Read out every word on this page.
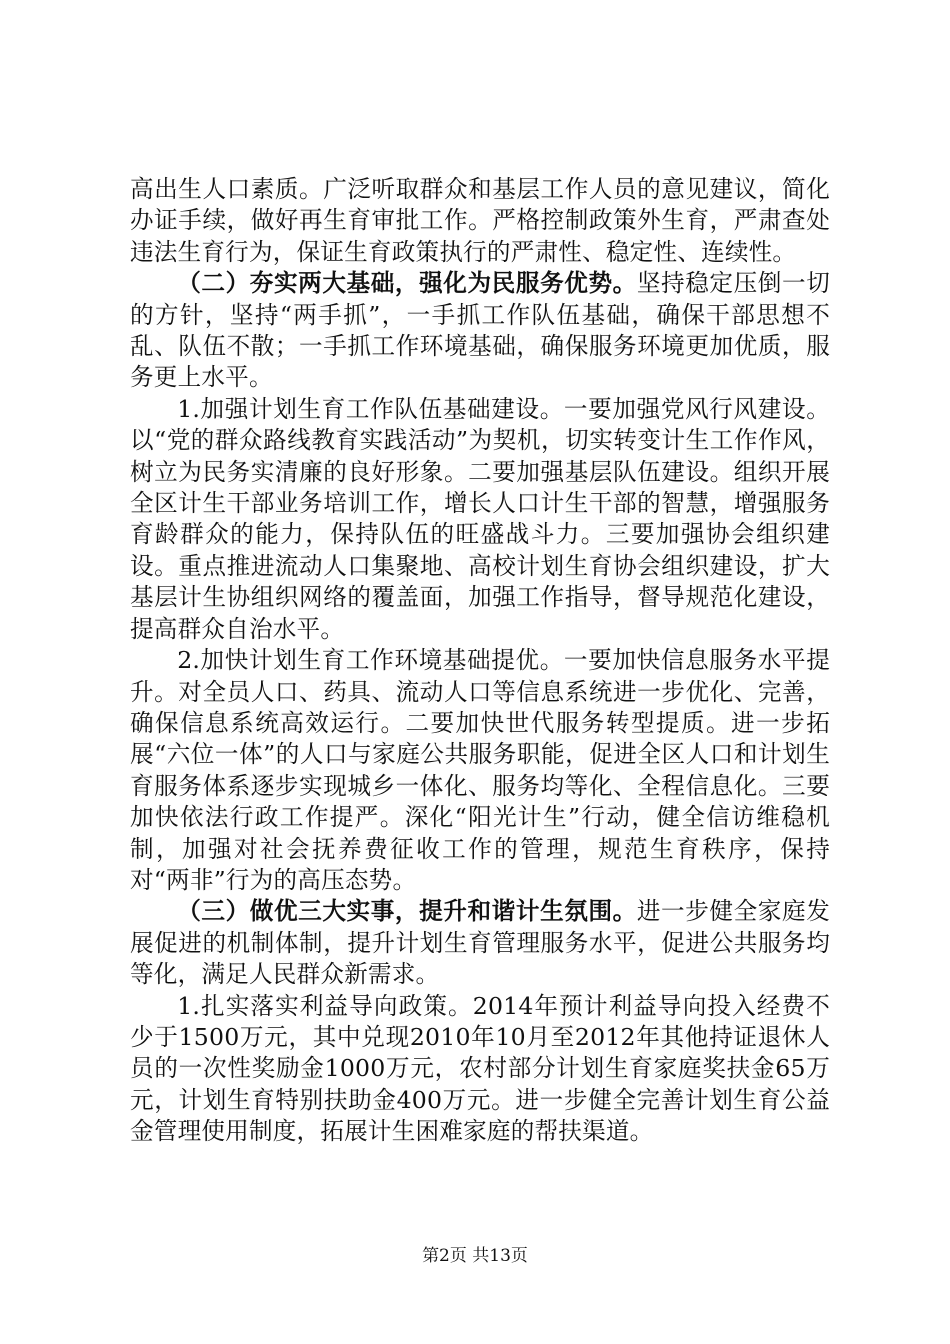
高出生人口素质。广泛听取群众和基层工作人员的意见建议，简化办证手续，做好再生育审批工作。严格控制政策外生育，严肃查处违法生育行为，保证生育政策执行的严肃性、稳定性、连续性。

（二）夯实两大基础，强化为民服务优势。坚持稳定压倒一切的方针，坚持“两手抓”，一手抓工作队伍基础，确保干部思想不乱、队伍不散；一手抓工作环境基础，确保服务环境更加优质，服务更上水平。

1.加强计划生育工作队伍基础建设。一要加强党风行风建设。以“党的群众路线教育实践活动”为契机，切实转变计生工作作风，树立为民务实清廉的良好形象。二要加强基层队伍建设。组织开展全区计生干部业务培训工作，增长人口计生干部的智慧，增强服务育龄群众的能力，保持队伍的旺盛战斗力。三要加强协会组织建设。重点推进流动人口集聚地、高校计划生育协会组织建设，扩大基层计生协组织网络的覆盖面，加强工作指导，督导规范化建设，提高群众自治水平。

2.加快计划生育工作环境基础提优。一要加快信息服务水平提升。对全员人口、药具、流动人口等信息系统进一步优化、完善，确保信息系统高效运行。二要加快世代服务转型提质。进一步拓展“六位一体”的人口与家庭公共服务职能，促进全区人口和计划生育服务体系逐步实现城乡一体化、服务均等化、全程信息化。三要加快依法行政工作提严。深化“阳光计生”行动，健全信访维稳机制，加强对社会抚养费征收工作的管理，规范生育秩序，保持对“两非”行为的高压态势。

（三）做优三大实事，提升和谐计生氛围。进一步健全家庭发展促进的机制体制，提升计划生育管理服务水平，促进公共服务均等化，满足人民群众新需求。

1.扎实落实利益导向政策。2014年预计利益导向投入经费不少于1500万元，其中兑现2010年10月至2012年其他持证退休人员的一次性奖励金1000万元，农村部分计划生育家庭奖扶金65万元，计划生育特别扶助金400万元。进一步健全完善计划生育公益金管理使用制度，拓展计生困难家庭的帮扶渠道。

第2页 共13页
